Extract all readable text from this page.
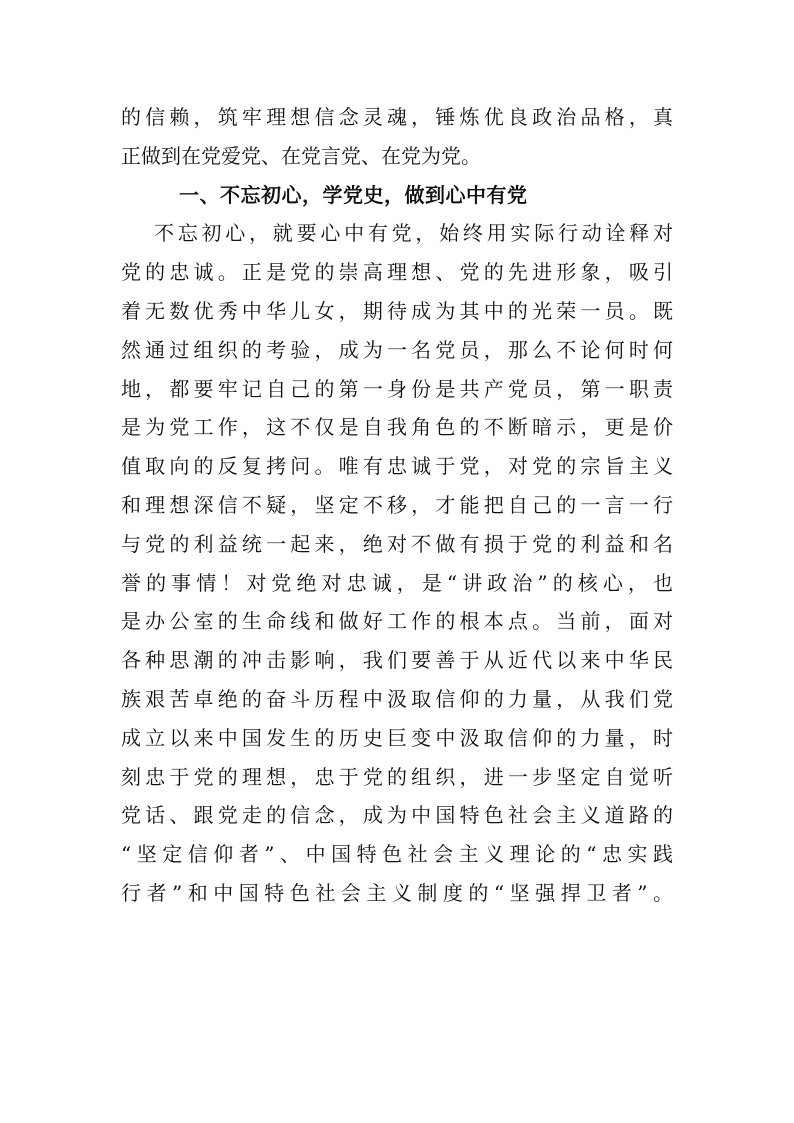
的信赖，筑牢理想信念灵魂，锤炼优良政治品格，真
正做到在党爱党、在党言党、在党为党。
一、不忘初心，学党史，做到心中有党
不忘初心，就要心中有党，始终用实际行动诠释对
党的忠诚。正是党的崇高理想、党的先进形象，吸引
着无数优秀中华儿女，期待成为其中的光荣一员。既
然通过组织的考验，成为一名党员，那么不论何时何
地，都要牢记自己的第一身份是共产党员，第一职责
是为党工作，这不仅是自我角色的不断暗示，更是价
值取向的反复拷问。唯有忠诚于党，对党的宗旨主义
和理想深信不疑，坚定不移，才能把自己的一言一行
与党的利益统一起来，绝对不做有损于党的利益和名
誉的事情！对党绝对忠诚，是“讲政治”的核心，也
是办公室的生命线和做好工作的根本点。当前，面对
各种思潮的冲击影响，我们要善于从近代以来中华民
族艰苦卓绝的奋斗历程中汲取信仰的力量，从我们党
成立以来中国发生的历史巨变中汲取信仰的力量，时
刻忠于党的理想，忠于党的组织，进一步坚定自觉听
党话、跟党走的信念，成为中国特色社会主义道路的
“坚定信仰者”、中国特色社会主义理论的“忠实践
行者”和中国特色社会主义制度的“坚强捍卫者”。
